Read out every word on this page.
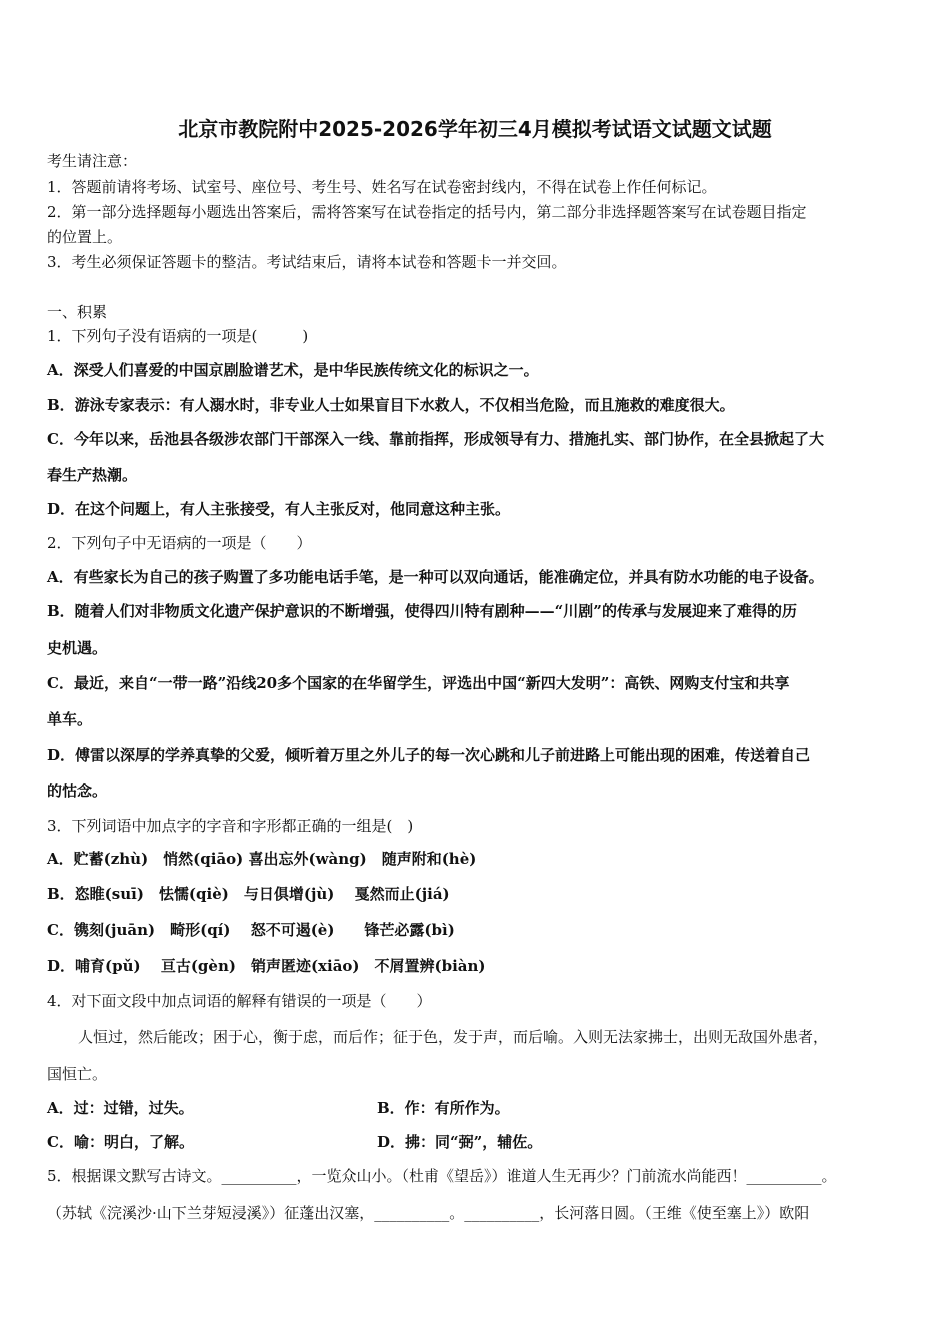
北京市教院附中2025-2026学年初三4月模拟考试语文试题文试题
考生请注意：
1．答题前请将考场、试室号、座位号、考生号、姓名写在试卷密封线内，不得在试卷上作任何标记。
2．第一部分选择题每小题选出答案后，需将答案写在试卷指定的括号内，第二部分非选择题答案写在试卷题目指定
的位置上。
3．考生必须保证答题卡的整洁。考试结束后，请将本试卷和答题卡一并交回。
一、积累
1．下列句子没有语病的一项是(　　　)
A．深受人们喜爱的中国京剧脸谱艺术，是中华民族传统文化的标识之一。
B．游泳专家表示：有人溺水时，非专业人士如果盲目下水救人，不仅相当危险，而且施救的难度很大。
C．今年以来，岳池县各级涉农部门干部深入一线、靠前指挥，形成领导有力、措施扎实、部门协作，在全县掀起了大
春生产热潮。
D．在这个问题上，有人主张接受，有人主张反对，他同意这种主张。
2．下列句子中无语病的一项是（　　）
A．有些家长为自己的孩子购置了多功能电话手笔，是一种可以双向通话，能准确定位，并具有防水功能的电子设备。
B．随着人们对非物质文化遗产保护意识的不断增强，使得四川特有剧种——“川剧”的传承与发展迎来了难得的历
史机遇。
C．最近，来自“一带一路”沿线20多个国家的在华留学生，评选出中国“新四大发明”：高铁、网购支付宝和共享
单车。
D．傅雷以深厚的学养真挚的父爱，倾听着万里之外儿子的每一次心跳和儿子前进路上可能出现的困难，传送着自己
的怙念。
3．下列词语中加点字的字音和字形都正确的一组是(　)
A．贮蓄(zhù)　悄然(qiāo) 喜出忘外(wàng)　随声附和(hè)
B．恣睢(suī)　怯懦(qiè)　与日俱增(jù)　 戛然而止(jiá)
C．镌刻(juān)　畸形(qí)　 怒不可遏(è)　　锋芒必露(bì)
D．哺育(pǔ)　 亘古(gèn)　销声匿迹(xiāo)　不屑置辨(biàn)
4．对下面文段中加点词语的解释有错误的一项是（　　）
人恒过，然后能改；困于心，衡于虑，而后作；征于色，发于声，而后喻。入则无法家拂士，出则无敌国外患者，
国恒亡。
A．过：过错，过失。	B．作：有所作为。
C．喻：明白，了解。	D．拂：同“弼”，辅佐。
5．根据课文默写古诗文。__________，一览众山小。（杜甫《望岳》）谁道人生无再少？门前流水尚能西！__________。
（苏轼《浣溪沙·山下兰芽短浸溪》）征蓬出汉塞，__________。__________，长河落日圆。（王维《使至塞上》）欧阳
